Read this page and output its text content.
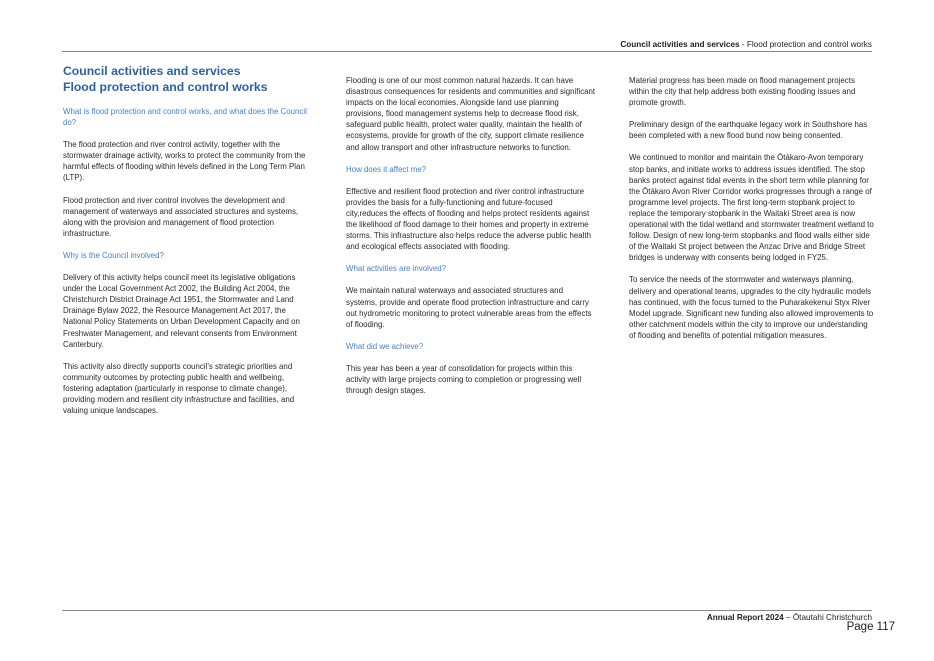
Council activities and services - Flood protection and control works
Council activities and services
Flood protection and control works

What is flood protection and control works, and what does the Council do?

The flood protection and river control activity, together with the stormwater drainage activity, works to protect the community from the harmful effects of flooding within levels defined in the Long Term Plan (LTP).

Flood protection and river control involves the development and management of waterways and associated structures and systems, along with the provision and management of flood protection infrastructure.

Why is the Council involved?

Delivery of this activity helps council meet its legislative obligations under the Local Government Act 2002, the Building Act 2004, the Christchurch District Drainage Act 1951, the Stormwater and Land Drainage Bylaw 2022, the Resource Management Act 2017, the National Policy Statements on Urban Development Capacity and on Freshwater Management, and relevant consents from Environment Canterbury.

This activity also directly supports council’s strategic priorities and community outcomes by protecting public health and wellbeing, fostering adaptation (particularly in response to climate change), providing modern and resilient city infrastructure and facilities, and valuing unique landscapes.

Flooding is one of our most common natural hazards. It can have disastrous consequences for residents and communities and significant impacts on the local economies. Alongside land use planning provisions, flood management systems help to decrease flood risk, safeguard public health, protect water quality, maintain the health of ecosystems, provide for growth of the city, support climate resilience and allow transport and other infrastructure networks to function.

How does it affect me?

Effective and resilient flood protection and river control infrastructure provides the basis for a fully-functioning and future-focused city,reduces the effects of flooding and helps protect residents against the likelihood of flood damage to their homes and property in extreme storms. This infrastructure also helps reduce the adverse public health and ecological effects associated with flooding.

What activities are involved?

We maintain natural waterways and associated structures and systems, provide and operate flood protection infrastructure and carry out hydrometric monitoring to protect vulnerable areas from the effects of flooding.

What did we achieve?

This year has been a year of consolidation for projects within this activity with large projects coming to completion or progressing well through design stages.

Material progress has been made on flood management projects within the city that help address both existing flooding issues and promote growth.

Preliminary design of the earthquake legacy work in Southshore has been completed with a new flood bund now being consented.

We continued to monitor and maintain the Ōtākaro-Avon temporary stop banks, and initiate works to address issues identified. The stop banks protect against tidal events in the short term while planning for the Ōtākaro Avon River Corridor works progresses through a range of programme level projects. The first long-term stopbank project to replace the temporary stopbank in the Waitaki Street area is now operational with the tidal wetland and stormwater treatment wetland to follow. Design of new long-term stopbanks and flood walls either side of the Waitaki St project between the Anzac Drive and Bridge Street bridges is underway with consents being lodged in FY25.

To service the needs of the stormwater and waterways planning, delivery and operational teams, upgrades to the city hydraulic models has continued, with the focus turned to the Puharakekenui Styx River Model upgrade. Significant new funding also allowed improvements to other catchment models within the city to improve our understanding of flooding and benefits of potential mitigation measures.

Annual Report 2024 – Ōtautahi Christchurch
Page 117
